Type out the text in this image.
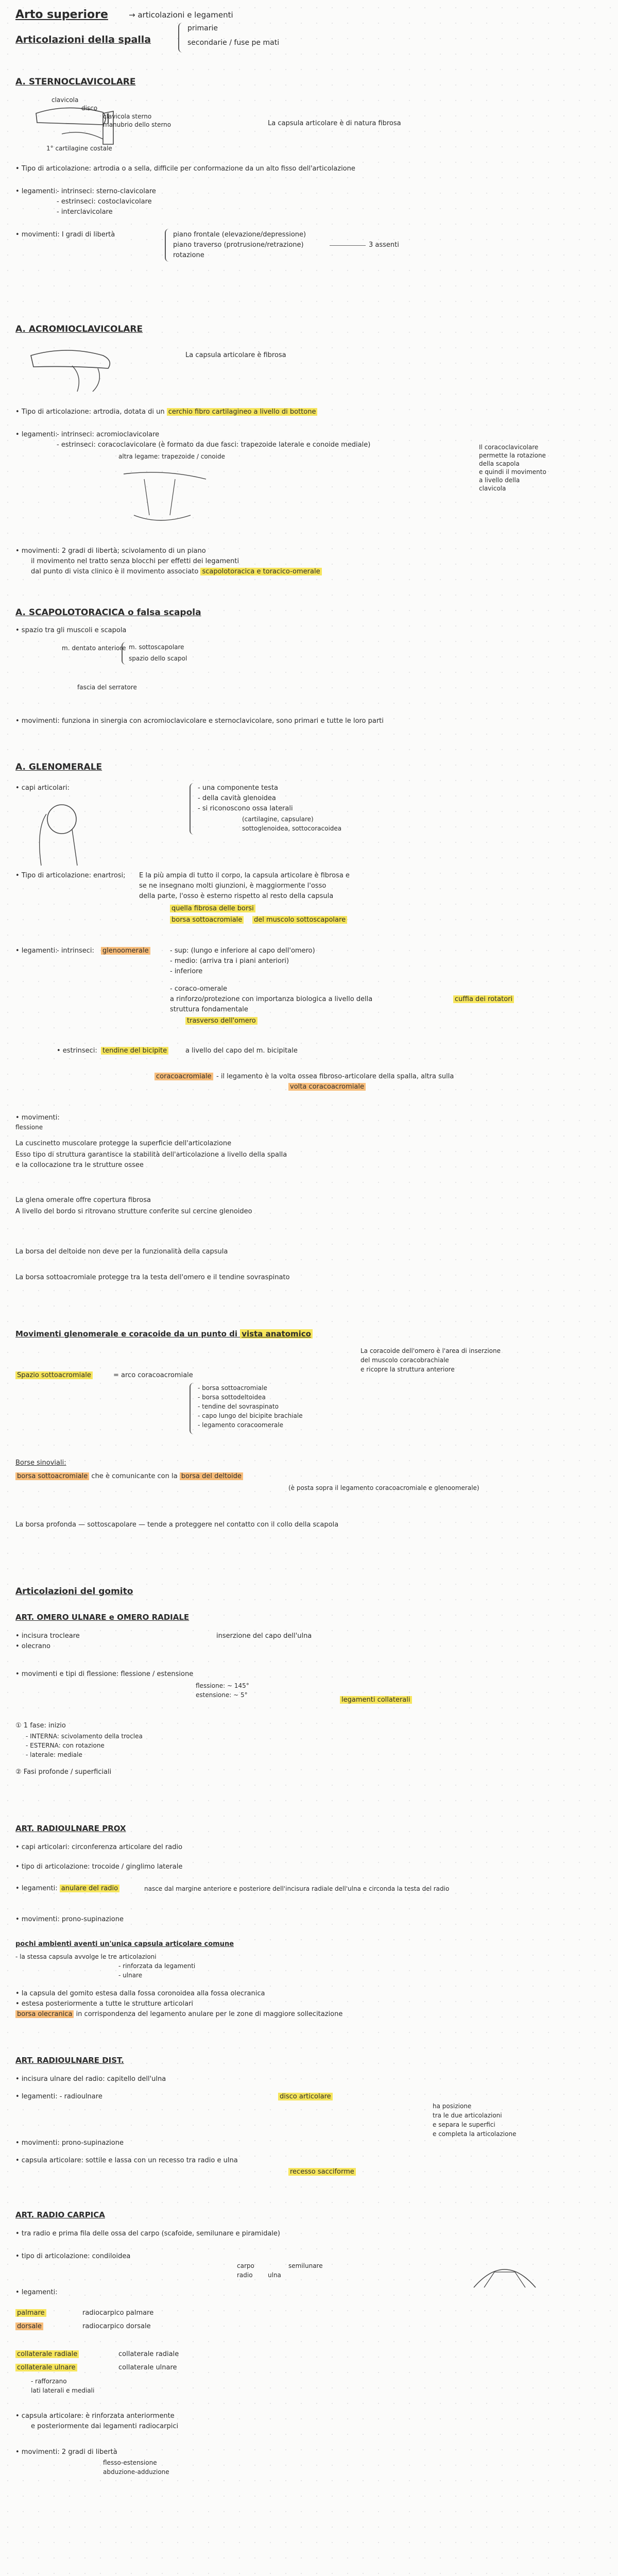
Arto superiore	→ articolazioni e legamenti
Articolazioni della spalla
primarie
secondarie / fuse pe mati
A. STERNOCLAVICOLARE
clavicola
disco
clavicola sterno
manubrio dello sterno
1° cartilagine costale
La capsula articolare è di natura fibrosa
• Tipo di articolazione: artrodia o a sella, difficile per conformazione da un alto fisso dell'articolazione
• legamenti:
- intrinseci: sterno-clavicolare
- estrinseci: costoclavicolare
- interclavicolare
• movimenti: I gradi di libertà	piano frontale (elevazione/depressione)
piano traverso (protrusione/retrazione)
rotazione
3 assenti
A. ACROMIOCLAVICOLARE
La capsula articolare è fibrosa
• Tipo di articolazione: artrodia, dotata di un cerchio fibro cartilagineo a livello di bottone
• legamenti:
- intrinseci: acromioclavicolare
- estrinseci: coracoclavicolare (è formato da due fasci: trapezoide laterale e conoide mediale)
altra legame: trapezoide / conoide
Il coracoclavicolare
permette la rotazione
della scapola
e quindi il movimento
a livello della
clavicola
• movimenti: 2 gradi di libertà; scivolamento di un piano
il movimento nel tratto senza blocchi per effetti dei legamenti
dal punto di vista clinico è il movimento associato scapolotoracica e toracico-omerale
A. SCAPOLOTORACICA o falsa scapola
• spazio tra gli muscoli e scapola
m. dentato anteriore m. sottoscapolare
spazio dello scapol
fascia del serratore
• movimenti: funziona in sinergia con acromioclavicolare e sternoclavicolare, sono primari e tutte le loro parti
A. GLENOMERALE
• capi articolari:	- una componente testa
- della cavità glenoidea
- si riconoscono ossa laterali
(cartilagine, capsulare)
sottoglenoidea, sottocoracoidea
• Tipo di articolazione: enartrosi; E la più ampia di tutto il corpo, la capsula articolare è fibrosa e
se ne insegnano molti giunzioni, è maggiormente l'osso
della parte, l'osso è esterno rispetto al resto della capsula
quella fibrosa delle borsi
borsa sottoacromiale del muscolo sottoscapolare
• legamenti:
- intrinseci: glenoomerale	- sup: (lungo e inferiore al capo dell'omero)
- medio: (arriva tra i piani anteriori)
- inferiore
- coraco-omerale
a rinforzo/protezione con importanza biologica a livello della	cuffia dei rotatori
struttura fondamentale
trasverso dell'omero
• estrinseci: tendine del bicipite	a livello del capo del m. bicipitale
coracoacromiale - il legamento è la volta ossea fibroso-articolare della spalla, altra sulla
volta coracoacromiale
• movimenti:
flessione
La cuscinetto muscolare protegge la superficie dell'articolazione
Esso tipo di struttura garantisce la stabilità dell'articolazione a livello della spalla
e la collocazione tra le strutture ossee
La glena omerale offre copertura fibrosa
A livello del bordo si ritrovano strutture conferite sul cercine glenoideo
La borsa del deltoide non deve per la funzionalità della capsula
La borsa sottoacromiale protegge tra la testa dell'omero e il tendine sovraspinato
Movimenti glenomerale e coracoide da un punto di vista anatomico
La coracoide dell'omero è l'area di inserzione
del muscolo coracobrachiale
e ricopre la struttura anteriore
Spazio sottoacromiale	= arco coracoacromiale
- borsa sottoacromiale
- borsa sottodeltoidea
- tendine del sovraspinato
- capo lungo del bicipite brachiale
- legamento coracoomerale
Borse sinoviali:
borsa sottoacromiale che è comunicante con la borsa del deltoide
(è posta sopra il legamento coracoacromiale e glenoomerale)
La borsa profonda — sottoscapolare — tende a proteggere nel contatto con il collo della scapola
Articolazioni del gomito
ART. OMERO ULNARE e OMERO RADIALE
• incisura trocleare
• olecrano
inserzione del capo dell'ulna
• movimenti e tipi di flessione: flessione / estensione
legamenti collaterali
flessione: ~ 145°
estensione: ~ 5°
① 1 fase: inizio
- INTERNA: scivolamento della troclea
- ESTERNA: con rotazione
- laterale: mediale
② Fasi profonde / superficiali
ART. RADIOULNARE PROX
• capi articolari: circonferenza articolare del radio
• tipo di articolazione: trocoide / ginglimo laterale
• legamenti: anulare del radio	nasce dal margine anteriore e posteriore dell'incisura radiale dell'ulna e circonda la testa del radio
• movimenti: prono-supinazione
pochi ambienti aventi un'unica capsula articolare comune
- la stessa capsula avvolge le tre articolazioni
- rinforzata da legamenti
- ulnare
• la capsula del gomito estesa dalla fossa coronoidea alla fossa olecranica
• estesa posteriormente a tutte le strutture articolari
borsa olecranica in corrispondenza del legamento anulare per le zone di maggiore sollecitazione
ART. RADIOULNARE DIST.
• incisura ulnare del radio: capitello dell'ulna
• legamenti: - radioulnare	disco articolare
ha posizione
tra le due articolazioni
e separa le superfici
e completa la articolazione
• movimenti: prono-supinazione
• capsula articolare: sottile e lassa con un recesso tra radio e ulna
recesso sacciforme
ART. RADIO CARPICA
• tra radio e prima fila delle ossa del carpo (scafoide, semilunare e piramidale)
• tipo di articolazione: condiloidea
carpo
radio ulna
semilunare
• legamenti:
palmare	radiocarpico palmare
dorsale	radiocarpico dorsale
collaterale radiale	collaterale radiale
collaterale ulnare	collaterale ulnare
- rafforzano
lati laterali e mediali
• capsula articolare: è rinforzata anteriormente
e posteriormente dai legamenti radiocarpici
• movimenti: 2 gradi di libertà
flesso-estensione
abduzione-adduzione
